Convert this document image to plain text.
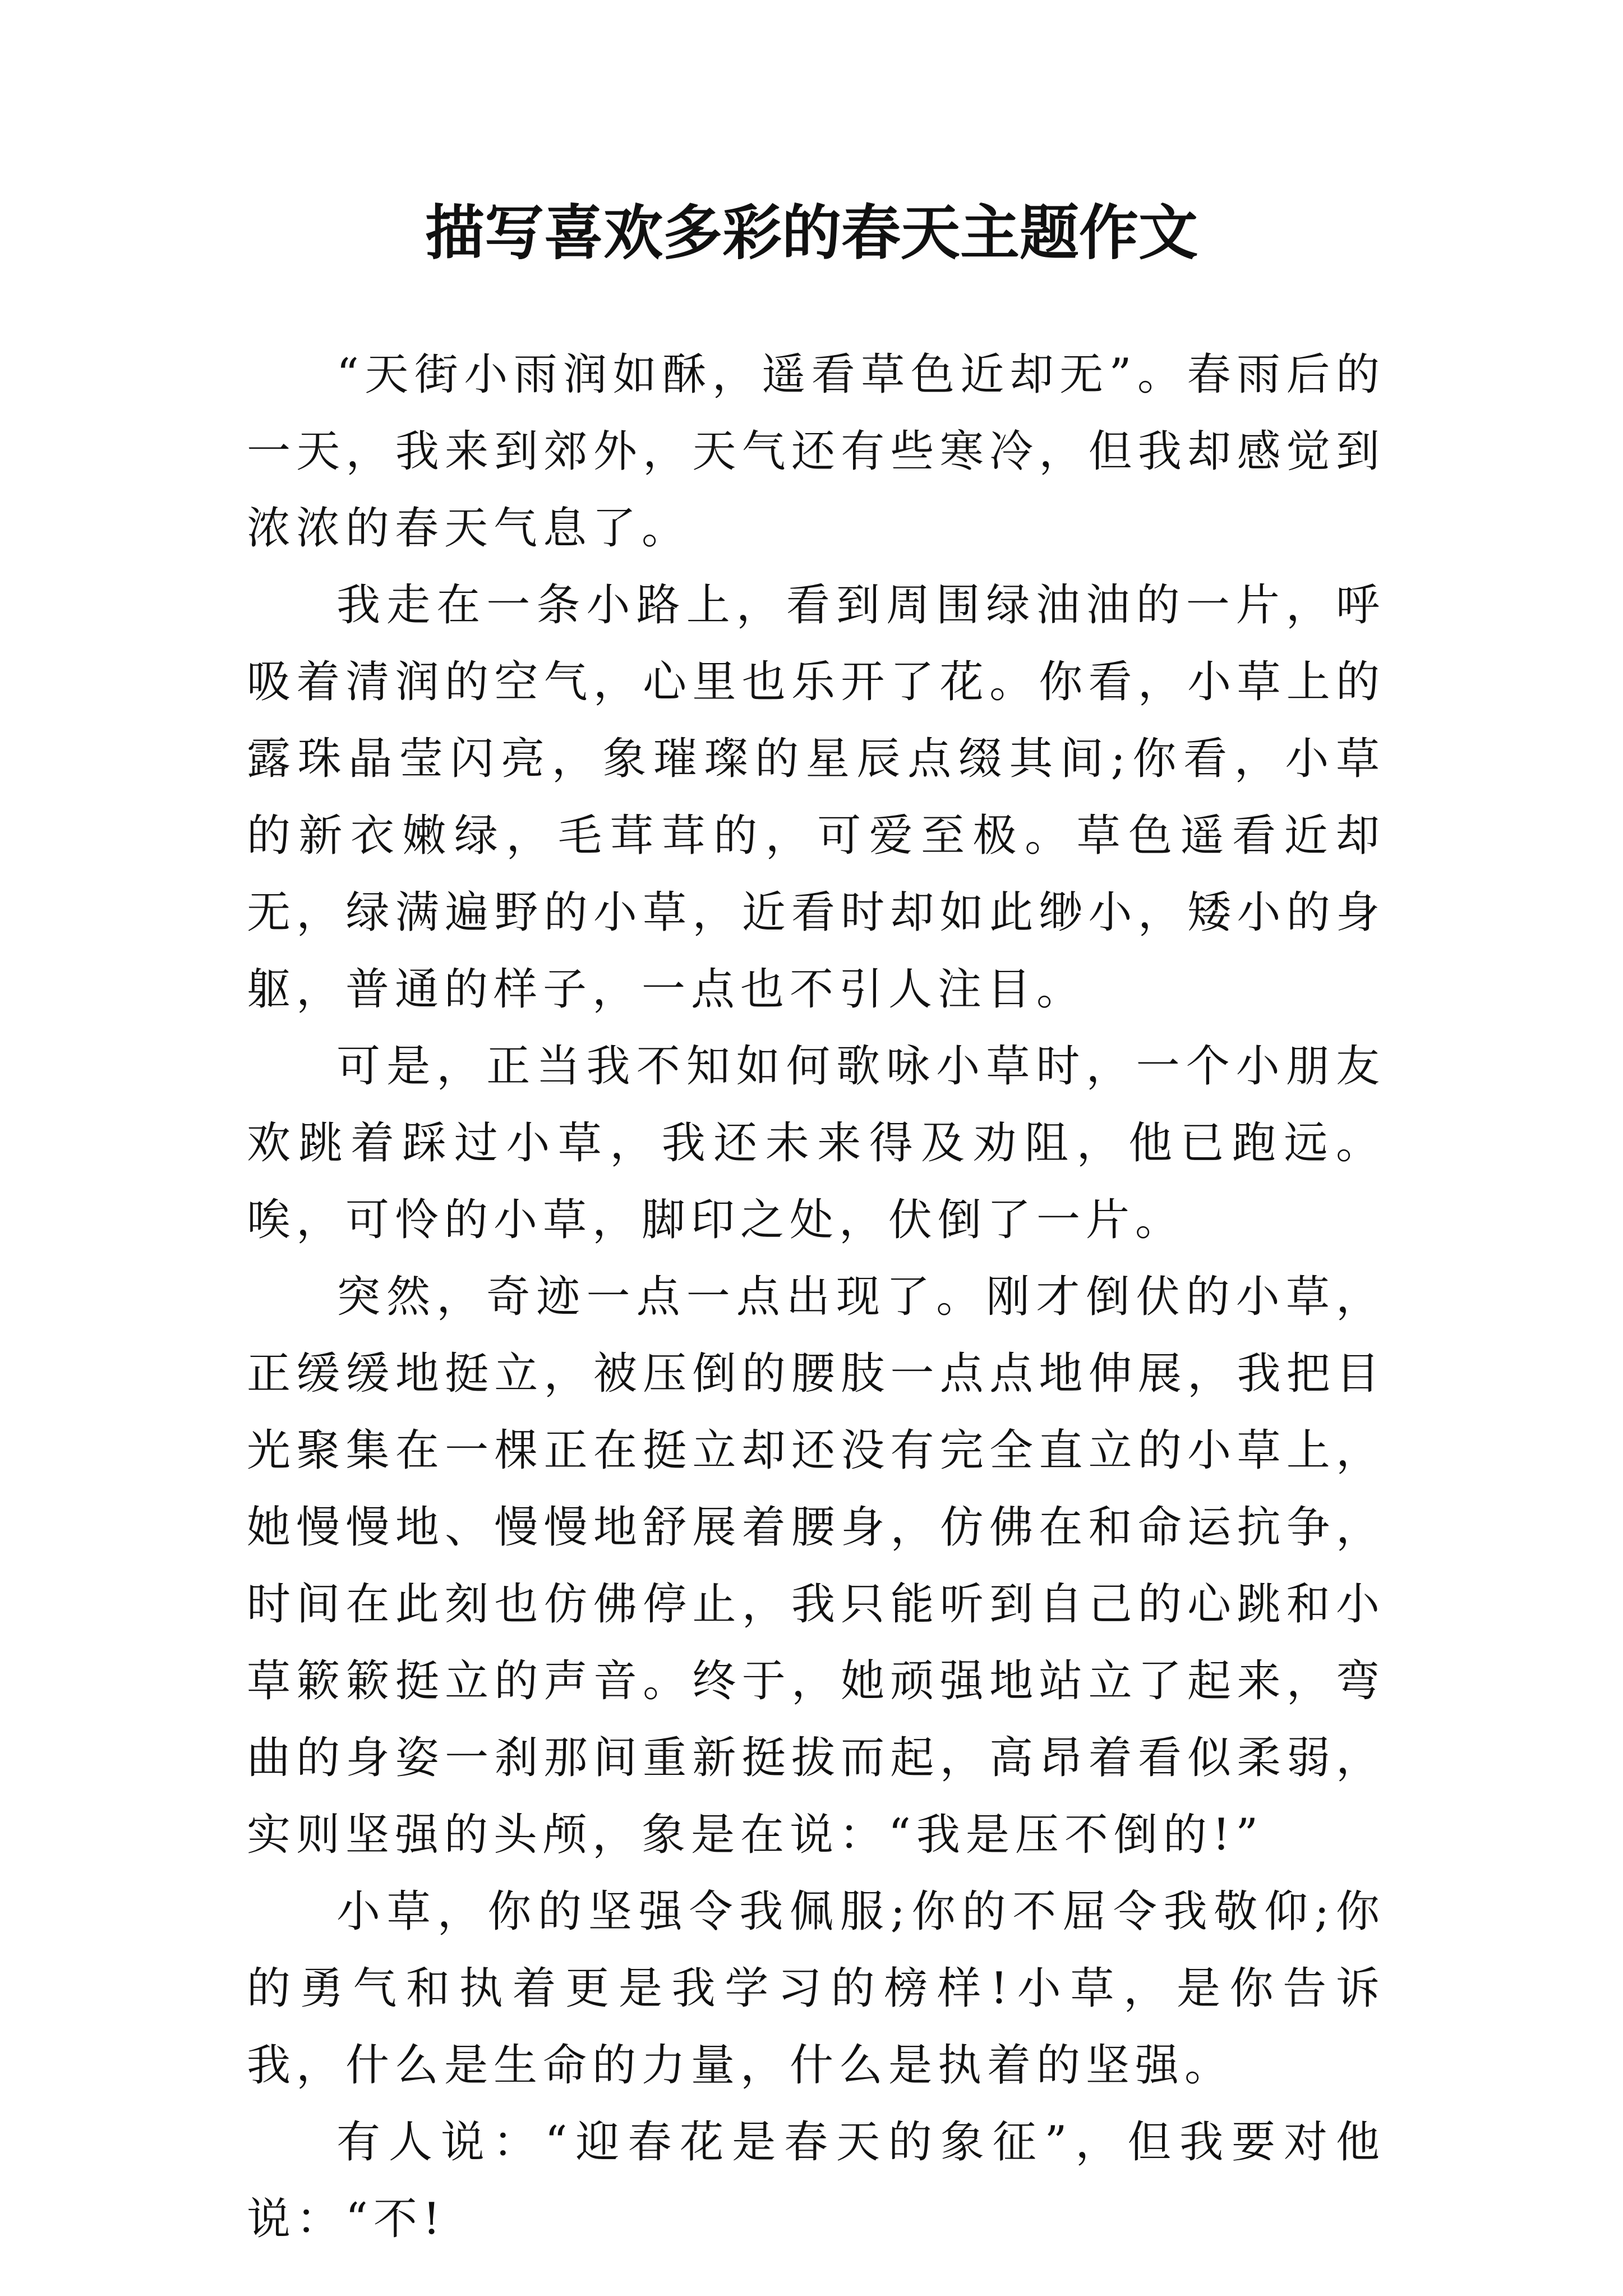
描写喜欢多彩的春天主题作文

“天街小雨润如酥，遥看草色近却无”。春雨后的一天，我来到郊外，天气还有些寒冷，但我却感觉到浓浓的春天气息了。

我走在一条小路上，看到周围绿油油的一片，呼吸着清润的空气，心里也乐开了花。你看，小草上的露珠晶莹闪亮，象璀璨的星辰点缀其间;你看，小草的新衣嫩绿，毛茸茸的，可爱至极。草色遥看近却无，绿满遍野的小草，近看时却如此缈小，矮小的身躯，普通的样子，一点也不引人注目。

可是，正当我不知如何歌咏小草时，一个小朋友欢跳着踩过小草，我还未来得及劝阻，他已跑远。唉，可怜的小草，脚印之处，伏倒了一片。

突然，奇迹一点一点出现了。刚才倒伏的小草，正缓缓地挺立，被压倒的腰肢一点点地伸展，我把目光聚集在一棵正在挺立却还没有完全直立的小草上，她慢慢地、慢慢地舒展着腰身，仿佛在和命运抗争，时间在此刻也仿佛停止，我只能听到自己的心跳和小草簌簌挺立的声音。终于，她顽强地站立了起来，弯曲的身姿一刹那间重新挺拔而起，高昂着看似柔弱，实则坚强的头颅，象是在说：“我是压不倒的!”

小草，你的坚强令我佩服;你的不屈令我敬仰;你的勇气和执着更是我学习的榜样!小草，是你告诉我，什么是生命的力量，什么是执着的坚强。

有人说：“迎春花是春天的象征”，但我要对他说：“不!
